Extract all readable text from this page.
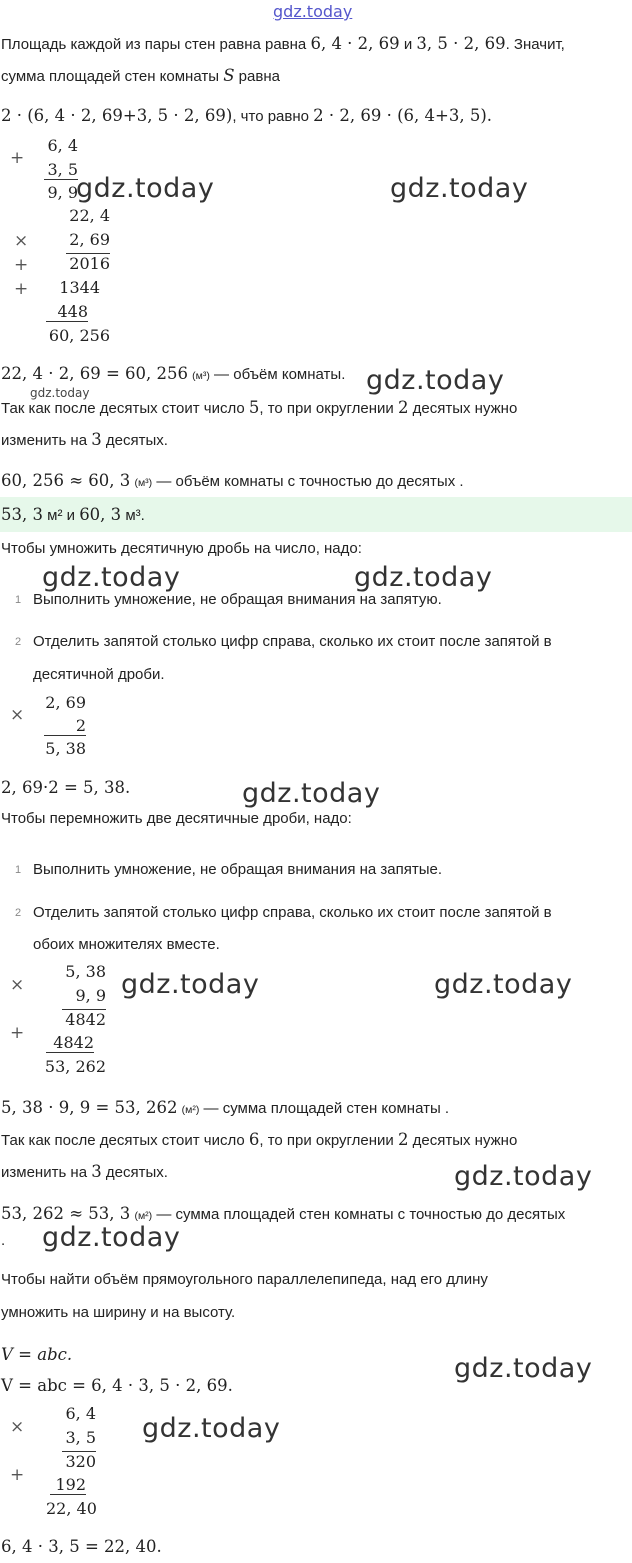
gdz.today
Площадь каждой из пары стен равна равна 6, 4 · 2, 69 и 3, 5 · 2, 69. Значит,
сумма площадей стен комнаты S равна
2 · (6, 4 · 2, 69+3, 5 · 2, 69), что равно 2 · 2, 69 · (6, 4+3, 5).
+
6, 4
3, 5
9, 9
22, 4
×	2, 69
+	2016
+ 1344
448
60, 256
22, 4 · 2, 69 = 60, 256 (м³) — объём комнаты.
Так как после десятых стоит число 5, то при округлении 2 десятых нужно
изменить на 3 десятых.
60, 256 ≈ 60, 3 (м³) — объём комнаты с точностью до десятых .
53, 3 м² и 60, 3 м³.
Чтобы умножить десятичную дробь на число, надо:
1 Выполнить умножение, не обращая внимания на запятую.
2 Отделить запятой столько цифр справа, сколько их стоит после запятой в
десятичной дроби.
×
2, 69
2
5, 38
2, 69·2 = 5, 38.
Чтобы перемножить две десятичные дроби, надо:
1 Выполнить умножение, не обращая внимания на запятые.
2 Отделить запятой столько цифр справа, сколько их стоит после запятой в
обоих множителях вместе.
5, 38
×
9, 9
4842
+	4842
53, 262
5, 38 · 9, 9 = 53, 262 (м²) — сумма площадей стен комнаты .
Так как после десятых стоит число 6, то при округлении 2 десятых нужно
изменить на 3 десятых.
53, 262 ≈ 53, 3 (м²) — сумма площадей стен комнаты с точностью до десятых
.
Чтобы найти объём прямоугольного параллелепипеда, над его длину
умножить на ширину и на высоту.
V = abc.
V = abc = 6, 4 · 3, 5 · 2, 69.
6, 4
×
3, 5
320
+	192
22, 40
6, 4 · 3, 5 = 22, 40.
gdz.today	gdz.today
gdz.today
gdz.today
gdz.today	gdz.today
gdz.today
gdz.today	gdz.today
gdz.today
gdz.today
gdz.today
gdz.today
